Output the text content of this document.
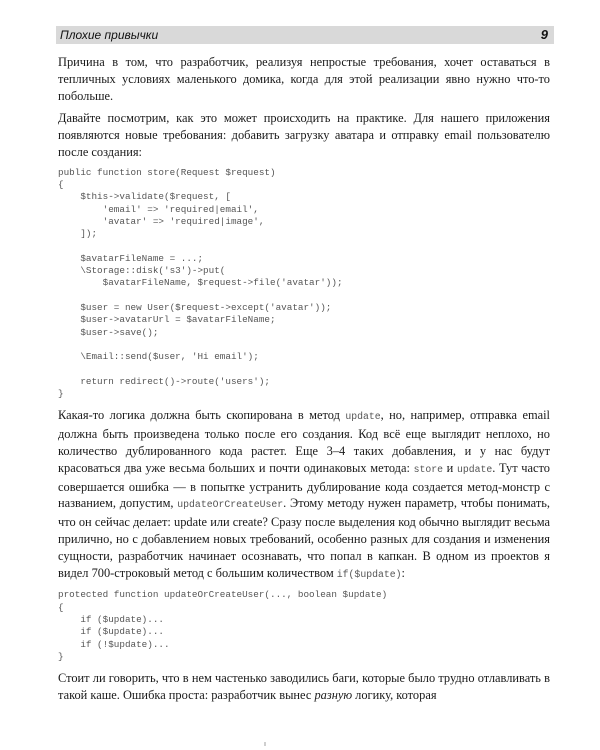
Плохие привычки	9

Причина в том, что разработчик, реализуя непростые требования, хочет оставаться в тепличных условиях маленького домика, когда для этой реализации явно нужно что-то побольше.

Давайте посмотрим, как это может происходить на практике. Для нашего приложения появляются новые требования: добавить загрузку аватара и отправку email пользователю после создания:

public function store(Request $request)
{
$this->validate($request, [
'email' => 'required|email',
'avatar' => 'required|image',
]);

$avatarFileName = ...;
\Storage::disk('s3')->put(
$avatarFileName, $request->file('avatar'));

$user = new User($request->except('avatar'));
$user->avatarUrl = $avatarFileName;
$user->save();

\Email::send($user, 'Hi email');

return redirect()->route('users');
}

Какая-то логика должна быть скопирована в метод update, но, например, отправка email должна быть произведена только после его создания. Код всё еще выглядит неплохо, но количество дублированного кода растет. Еще 3–4 таких добавления, и у нас будут красоваться два уже весьма больших и почти одинаковых метода: store и update. Тут часто совершается ошибка — в попытке устранить дублирование кода создается метод-монстр с названием, допустим, updateOrCreateUser. Этому методу нужен параметр, чтобы понимать, что он сейчас делает: update или create? Сразу после выделения код обычно выглядит весьма прилично, но с добавлением новых требований, особенно разных для создания и изменения сущности, разработчик начинает осознавать, что попал в капкан. В одном из проектов я видел 700-строковый метод с большим количеством if($update):

protected function updateOrCreateUser(..., boolean $update)
{
if ($update)...
if ($update)...
if (!$update)...
}

Стоит ли говорить, что в нем частенько заводились баги, которые было трудно отлавливать в такой каше. Ошибка проста: разработчик вынес разную логику, которая
